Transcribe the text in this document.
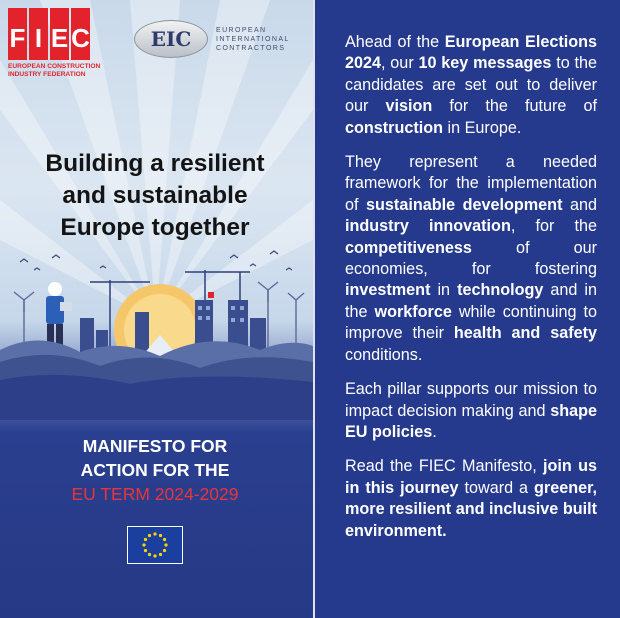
F I E C
EUROPEAN CONSTRUCTION
INDUSTRY FEDERATION
EIC	EUROPEAN
INTERNATIONAL
CONTRACTORS
Building a resilient
and sustainable
Europe together
MANIFESTO FOR
ACTION FOR THE
EU TERM 2024-2029

Ahead of the European Elections 2024, our 10 key messages to the candidates are set out to deliver our vision for the future of construction in Europe.

They represent a needed framework for the implementation of sustainable development and industry innovation, for the competitiveness of our economies, for fostering investment in technology and in the workforce while continuing to improve their health and safety conditions.

Each pillar supports our mission to impact decision making and shape EU policies.

Read the FIEC Manifesto, join us in this journey toward a greener, more resilient and inclusive built environment.
